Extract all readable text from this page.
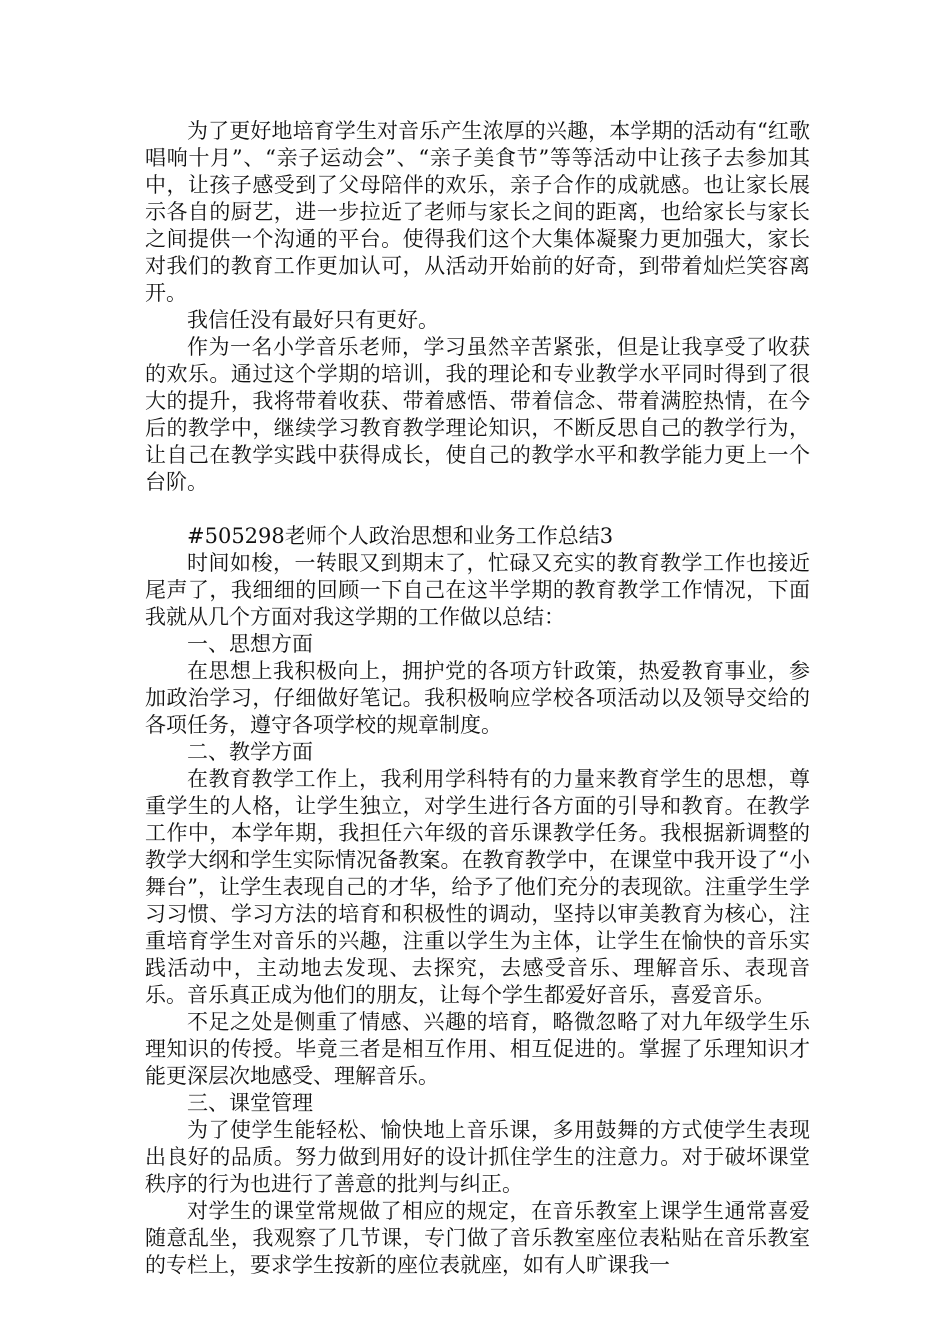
为了更好地培育学生对音乐产生浓厚的兴趣，本学期的活动有“红歌唱响十月”、“亲子运动会”、“亲子美食节”等等活动中让孩子去参加其中，让孩子感受到了父母陪伴的欢乐，亲子合作的成就感。也让家长展示各自的厨艺，进一步拉近了老师与家长之间的距离，也给家长与家长之间提供一个沟通的平台。使得我们这个大集体凝聚力更加强大，家长对我们的教育工作更加认可，从活动开始前的好奇，到带着灿烂笑容离开。

我信任没有最好只有更好。

作为一名小学音乐老师，学习虽然辛苦紧张，但是让我享受了收获的欢乐。通过这个学期的培训，我的理论和专业教学水平同时得到了很大的提升，我将带着收获、带着感悟、带着信念、带着满腔热情，在今后的教学中，继续学习教育教学理论知识，不断反思自己的教学行为，让自己在教学实践中获得成长，使自己的教学水平和教学能力更上一个台阶。

#505298老师个人政治思想和业务工作总结3

时间如梭，一转眼又到期末了，忙碌又充实的教育教学工作也接近尾声了，我细细的回顾一下自己在这半学期的教育教学工作情况，下面我就从几个方面对我这学期的工作做以总结：

一、思想方面

在思想上我积极向上，拥护党的各项方针政策，热爱教育事业，参加政治学习，仔细做好笔记。我积极响应学校各项活动以及领导交给的各项任务，遵守各项学校的规章制度。

二、教学方面

在教育教学工作上，我利用学科特有的力量来教育学生的思想，尊重学生的人格，让学生独立，对学生进行各方面的引导和教育。在教学工作中，本学年期，我担任六年级的音乐课教学任务。我根据新调整的教学大纲和学生实际情况备教案。在教育教学中，在课堂中我开设了“小舞台”，让学生表现自己的才华，给予了他们充分的表现欲。注重学生学习习惯、学习方法的培育和积极性的调动，坚持以审美教育为核心，注重培育学生对音乐的兴趣，注重以学生为主体，让学生在愉快的音乐实践活动中，主动地去发现、去探究，去感受音乐、理解音乐、表现音乐。音乐真正成为他们的朋友，让每个学生都爱好音乐，喜爱音乐。

不足之处是侧重了情感、兴趣的培育，略微忽略了对九年级学生乐理知识的传授。毕竟三者是相互作用、相互促进的。掌握了乐理知识才能更深层次地感受、理解音乐。

三、课堂管理

为了使学生能轻松、愉快地上音乐课，多用鼓舞的方式使学生表现出良好的品质。努力做到用好的设计抓住学生的注意力。对于破坏课堂秩序的行为也进行了善意的批判与纠正。

对学生的课堂常规做了相应的规定，在音乐教室上课学生通常喜爱随意乱坐，我观察了几节课，专门做了音乐教室座位表粘贴在音乐教室的专栏上，要求学生按新的座位表就座，如有人旷课我一
